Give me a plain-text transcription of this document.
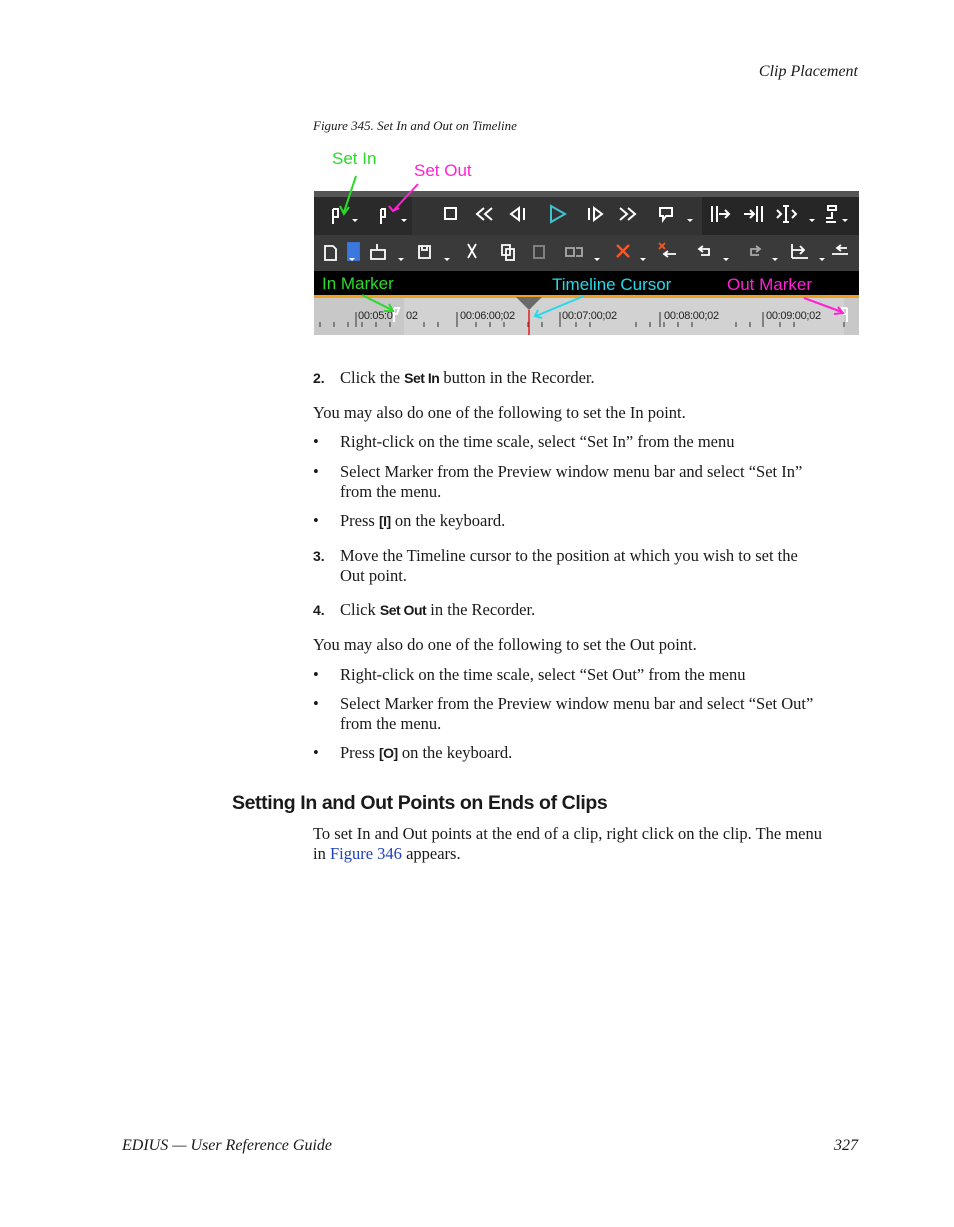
Clip Placement
Figure 345. Set In and Out on Timeline
00:05:0 02	00:06:00;02	00:07:00;02	00:08:00;02	00:09:00;02
Set In
Set Out
In Marker	Timeline Cursor	Out Marker
2. Click the Set In button in the Recorder.
You may also do one of the following to set the In point.
• Right-click on the time scale, select “Set In” from the menu
• Select Marker from the Preview window menu bar and select “Set In”
from the menu.
• Press [I] on the keyboard.
3. Move the Timeline cursor to the position at which you wish to set the
Out point.
4. Click Set Out in the Recorder.
You may also do one of the following to set the Out point.
• Right-click on the time scale, select “Set Out” from the menu
• Select Marker from the Preview window menu bar and select “Set Out”
from the menu.
• Press [O] on the keyboard.
Setting In and Out Points on Ends of Clips
To set In and Out points at the end of a clip, right click on the clip. The menu
in Figure 346 appears.
EDIUS — User Reference Guide	327
